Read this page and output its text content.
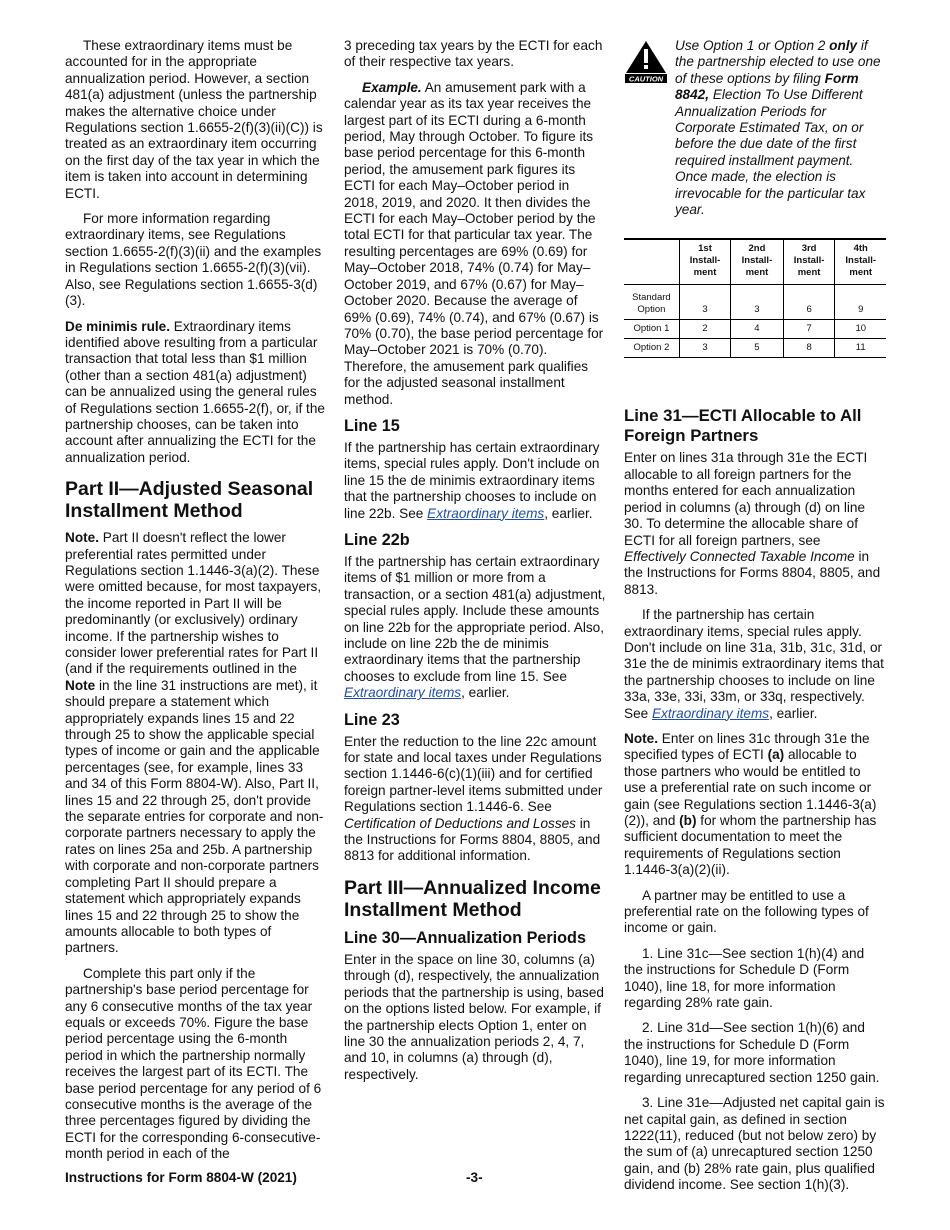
These extraordinary items must be accounted for in the appropriate annualization period. However, a section 481(a) adjustment (unless the partnership makes the alternative choice under Regulations section 1.6655-2(f)(3)(ii)(C)) is treated as an extraordinary item occurring on the first day of the tax year in which the item is taken into account in determining ECTI.

For more information regarding extraordinary items, see Regulations section 1.6655-2(f)(3)(ii) and the examples in Regulations section 1.6655-2(f)(3)(vii). Also, see Regulations section 1.6655-3(d)(3).

De minimis rule. Extraordinary items identified above resulting from a particular transaction that total less than $1 million (other than a section 481(a) adjustment) can be annualized using the general rules of Regulations section 1.6655-2(f), or, if the partnership chooses, can be taken into account after annualizing the ECTI for the annualization period.

Part II—Adjusted Seasonal Installment Method

Note. Part II doesn't reflect the lower preferential rates permitted under Regulations section 1.1446-3(a)(2). These were omitted because, for most taxpayers, the income reported in Part II will be predominantly (or exclusively) ordinary income. If the partnership wishes to consider lower preferential rates for Part II (and if the requirements outlined in the Note in the line 31 instructions are met), it should prepare a statement which appropriately expands lines 15 and 22 through 25 to show the applicable special types of income or gain and the applicable percentages (see, for example, lines 33 and 34 of this Form 8804-W). Also, Part II, lines 15 and 22 through 25, don't provide the separate entries for corporate and non-corporate partners necessary to apply the rates on lines 25a and 25b. A partnership with corporate and non-corporate partners completing Part II should prepare a statement which appropriately expands lines 15 and 22 through 25 to show the amounts allocable to both types of partners.

Complete this part only if the partnership's base period percentage for any 6 consecutive months of the tax year equals or exceeds 70%. Figure the base period percentage using the 6-month period in which the partnership normally receives the largest part of its ECTI. The base period percentage for any period of 6 consecutive months is the average of the three percentages figured by dividing the ECTI for the corresponding 6-consecutive-month period in each of the

3 preceding tax years by the ECTI for each of their respective tax years.

Example. An amusement park with a calendar year as its tax year receives the largest part of its ECTI during a 6-month period, May through October. To figure its base period percentage for this 6-month period, the amusement park figures its ECTI for each May–October period in 2018, 2019, and 2020. It then divides the ECTI for each May–October period by the total ECTI for that particular tax year. The resulting percentages are 69% (0.69) for May–October 2018, 74% (0.74) for May–October 2019, and 67% (0.67) for May–October 2020. Because the average of 69% (0.69), 74% (0.74), and 67% (0.67) is 70% (0.70), the base period percentage for May–October 2021 is 70% (0.70). Therefore, the amusement park qualifies for the adjusted seasonal installment method.

Line 15

If the partnership has certain extraordinary items, special rules apply. Don't include on line 15 the de minimis extraordinary items that the partnership chooses to include on line 22b. See Extraordinary items, earlier.

Line 22b

If the partnership has certain extraordinary items of $1 million or more from a transaction, or a section 481(a) adjustment, special rules apply. Include these amounts on line 22b for the appropriate period. Also, include on line 22b the de minimis extraordinary items that the partnership chooses to exclude from line 15. See Extraordinary items, earlier.

Line 23

Enter the reduction to the line 22c amount for state and local taxes under Regulations section 1.1446-6(c)(1)(iii) and for certified foreign partner-level items submitted under Regulations section 1.1446-6. See Certification of Deductions and Losses in the Instructions for Forms 8804, 8805, and 8813 for additional information.

Part III—Annualized Income Installment Method
Line 30—Annualization Periods

Enter in the space on line 30, columns (a) through (d), respectively, the annualization periods that the partnership is using, based on the options listed below. For example, if the partnership elects Option 1, enter on line 30 the annualization periods 2, 4, 7, and 10, in columns (a) through (d), respectively.

CAUTION
Use Option 1 or Option 2 only if the partnership elected to use one of these options by filing Form 8842, Election To Use Different Annualization Periods for Corporate Estimated Tax, on or before the due date of the first required installment payment. Once made, the election is irrevocable for the particular tax year.
	1st Install-ment	2nd Install-ment	3rd Install-ment	4th Install-ment
Standard Option	3	3	6	9
Option 1	2	4	7	10
Option 2	3	5	8	11
Line 31—ECTI Allocable to All Foreign Partners

Enter on lines 31a through 31e the ECTI allocable to all foreign partners for the months entered for each annualization period in columns (a) through (d) on line 30. To determine the allocable share of ECTI for all foreign partners, see Effectively Connected Taxable Income in the Instructions for Forms 8804, 8805, and 8813.

If the partnership has certain extraordinary items, special rules apply. Don't include on line 31a, 31b, 31c, 31d, or 31e the de minimis extraordinary items that the partnership chooses to include on line 33a, 33e, 33i, 33m, or 33q, respectively. See Extraordinary items, earlier.

Note. Enter on lines 31c through 31e the specified types of ECTI (a) allocable to those partners who would be entitled to use a preferential rate on such income or gain (see Regulations section 1.1446-3(a)(2)), and (b) for whom the partnership has sufficient documentation to meet the requirements of Regulations section 1.1446-3(a)(2)(ii).

A partner may be entitled to use a preferential rate on the following types of income or gain.

1. Line 31c—See section 1(h)(4) and the instructions for Schedule D (Form 1040), line 18, for more information regarding 28% rate gain.

2. Line 31d—See section 1(h)(6) and the instructions for Schedule D (Form 1040), line 19, for more information regarding unrecaptured section 1250 gain.

3. Line 31e—Adjusted net capital gain is net capital gain, as defined in section 1222(11), reduced (but not below zero) by the sum of (a) unrecaptured section 1250 gain, and (b) 28% rate gain, plus qualified dividend income. See section 1(h)(3).

Instructions for Form 8804-W (2021)	-3-
